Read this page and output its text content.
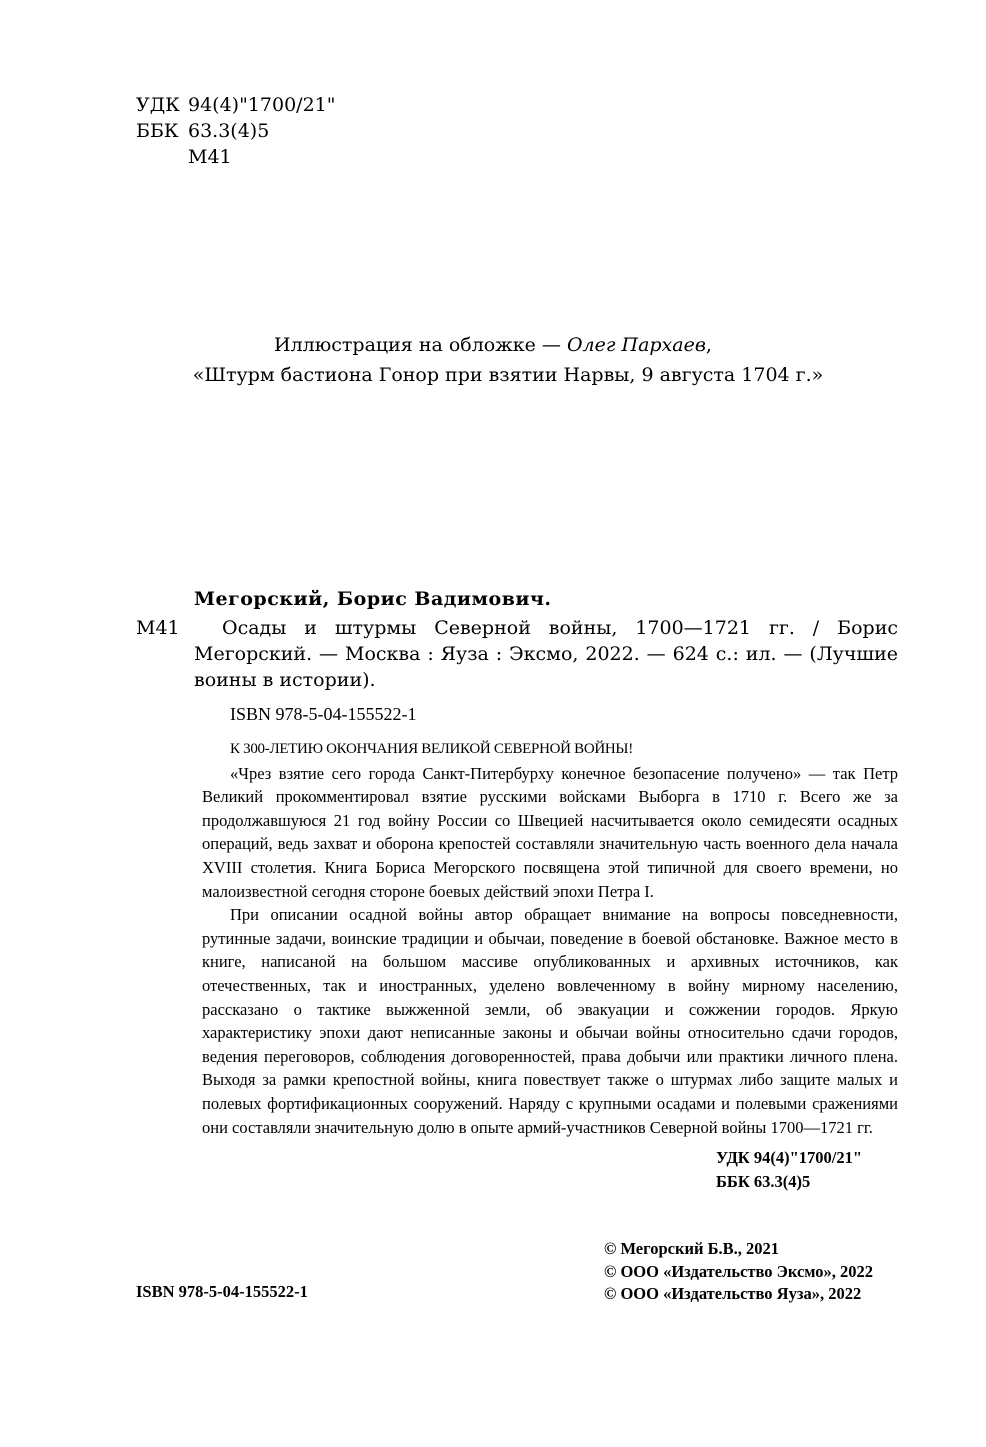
УДК 94(4)"1700/21"
ББК 63.3(4)5
М41
Иллюстрация на обложке — Олег Пархаев,
«Штурм бастиона Гонор при взятии Нарвы, 9 августа 1704 г.»
Мегорский, Борис Вадимович.
М41	Осады и штурмы Северной войны, 1700—1721 гг. / Борис Мегорский. — Москва : Яуза : Эксмо, 2022. — 624 с.: ил. — (Лучшие воины в истории).

ISBN 978-5-04-155522-1
К 300-ЛЕТИЮ ОКОНЧАНИЯ ВЕЛИКОЙ СЕВЕРНОЙ ВОЙНЫ!

«Чрез взятие сего города Санкт-Питербурху конечное безопасение получено» — так Петр Великий прокомментировал взятие русскими войсками Выборга в 1710 г. Всего же за продолжавшуюся 21 год войну России со Швецией насчитывается около семидесяти осадных операций, ведь захват и оборона крепостей составляли значительную часть военного дела начала XVIII столетия. Книга Бориса Мегорского посвящена этой типичной для своего времени, но малоизвестной сегодня стороне боевых действий эпохи Петра I.

При описании осадной войны автор обращает внимание на вопросы повседневности, рутинные задачи, воинские традиции и обычаи, поведение в боевой обстановке. Важное место в книге, написаной на большом массиве опубликованных и архивных источников, как отечественных, так и иностранных, уделено вовлеченному в войну мирному населению, рассказано о тактике выжженной земли, об эвакуации и сожжении городов. Яркую характеристику эпохи дают неписанные законы и обычаи войны относительно сдачи городов, ведения переговоров, соблюдения договоренностей, права добычи или практики личного плена. Выходя за рамки крепостной войны, книга повествует также о штурмах либо защите малых и полевых фортификационных сооружений. Наряду с крупными осадами и полевыми сражениями они составляли значительную долю в опыте армий-участников Северной войны 1700—1721 гг.

УДК 94(4)"1700/21"
ББК 63.3(4)5
ISBN 978-5-04-155522-1
© Мегорский Б.В., 2021
© ООО «Издательство Эксмо», 2022
© ООО «Издательство Яуза», 2022
